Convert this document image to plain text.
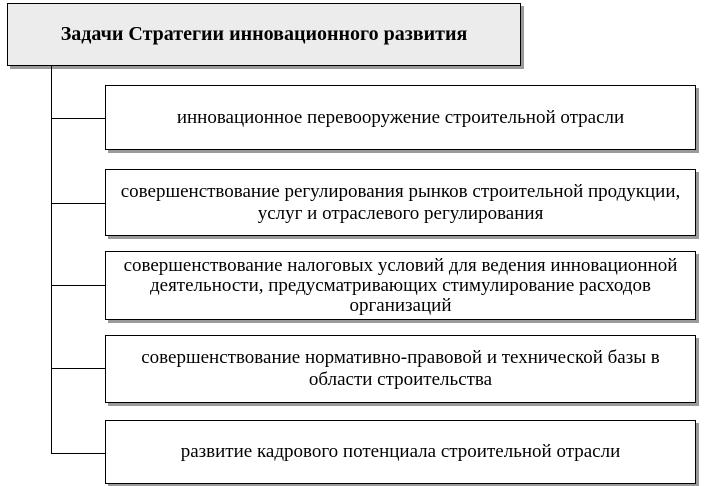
Задачи Стратегии инновационного развития
инновационное перевооружение строительной отрасли
совершенствование регулирования рынков строительной продукции, услуг и отраслевого регулирования
совершенствование налоговых условий для ведения инновационной деятельности, предусматривающих стимулирование расходов организаций
совершенствование нормативно-правовой и технической базы в области строительства
развитие кадрового потенциала строительной отрасли
